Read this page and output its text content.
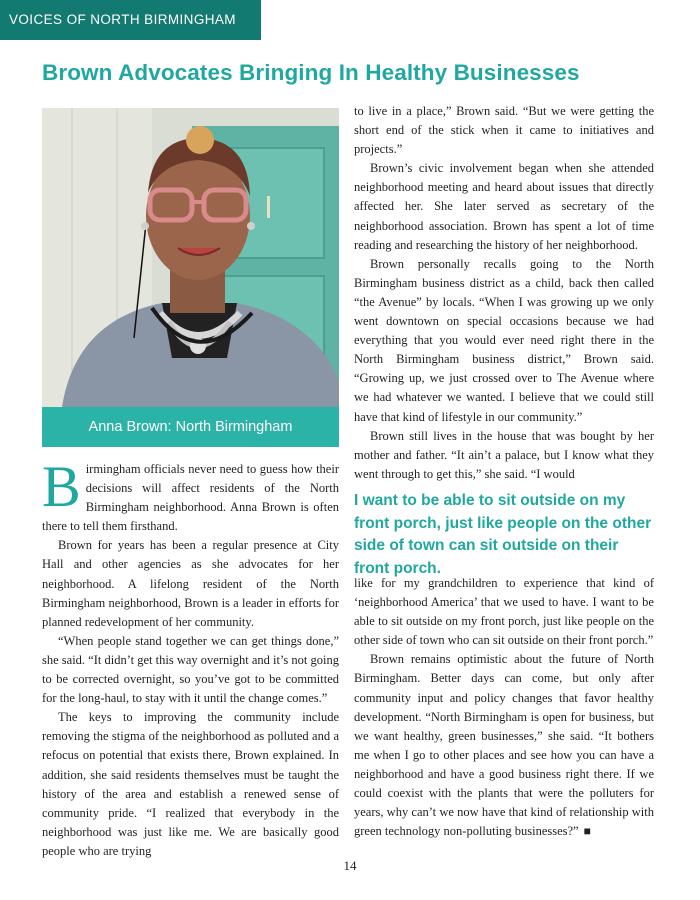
VOICES OF NORTH BIRMINGHAM
Brown Advocates Bringing In Healthy Businesses
Anna Brown: North Birmingham

Birmingham officials never need to guess how their decisions will affect residents of the North Birmingham neighborhood. Anna Brown is often there to tell them firsthand.

Brown for years has been a regular presence at City Hall and other agencies as she advocates for her neighborhood. A lifelong resident of the North Birmingham neighborhood, Brown is a leader in efforts for planned redevelopment of her community.

“When people stand together we can get things done,” she said. “It didn’t get this way overnight and it’s not going to be corrected overnight, so you’ve got to be committed for the long-haul, to stay with it until the change comes.”

The keys to improving the community include removing the stigma of the neighborhood as polluted and a refocus on potential that exists there, Brown explained. In addition, she said residents themselves must be taught the history of the area and establish a renewed sense of community pride. “I realized that everybody in the neighborhood was just like me. We are basically good people who are trying

to live in a place,” Brown said. “But we were getting the short end of the stick when it came to initiatives and projects.”

Brown’s civic involvement began when she attended neighborhood meeting and heard about issues that directly affected her. She later served as secretary of the neighborhood association. Brown has spent a lot of time reading and researching the history of her neighborhood.

Brown personally recalls going to the North Birmingham business district as a child, back then called “the Avenue” by locals. “When I was growing up we only went downtown on special occasions because we had everything that you would ever need right there in the North Birmingham business district,” Brown said. “Growing up, we just crossed over to The Avenue where we had whatever we wanted. I believe that we could still have that kind of lifestyle in our community.”

Brown still lives in the house that was bought by her mother and father. “It ain’t a palace, but I know what they went through to get this,” she said. “I would

I want to be able to sit outside on my front porch, just like people on the other side of town can sit outside on their front porch.

like for my grandchildren to experience that kind of ‘neighborhood America’ that we used to have. I want to be able to sit outside on my front porch, just like people on the other side of town who can sit outside on their front porch.”

Brown remains optimistic about the future of North Birmingham. Better days can come, but only after community input and policy changes that favor healthy development. “North Birmingham is open for business, but we want healthy, green businesses,” she said. “It bothers me when I go to other places and see how you can have a neighborhood and have a good business right there. If we could coexist with the plants that were the polluters for years, why can’t we now have that kind of relationship with green technology non-polluting businesses?” ■

14
